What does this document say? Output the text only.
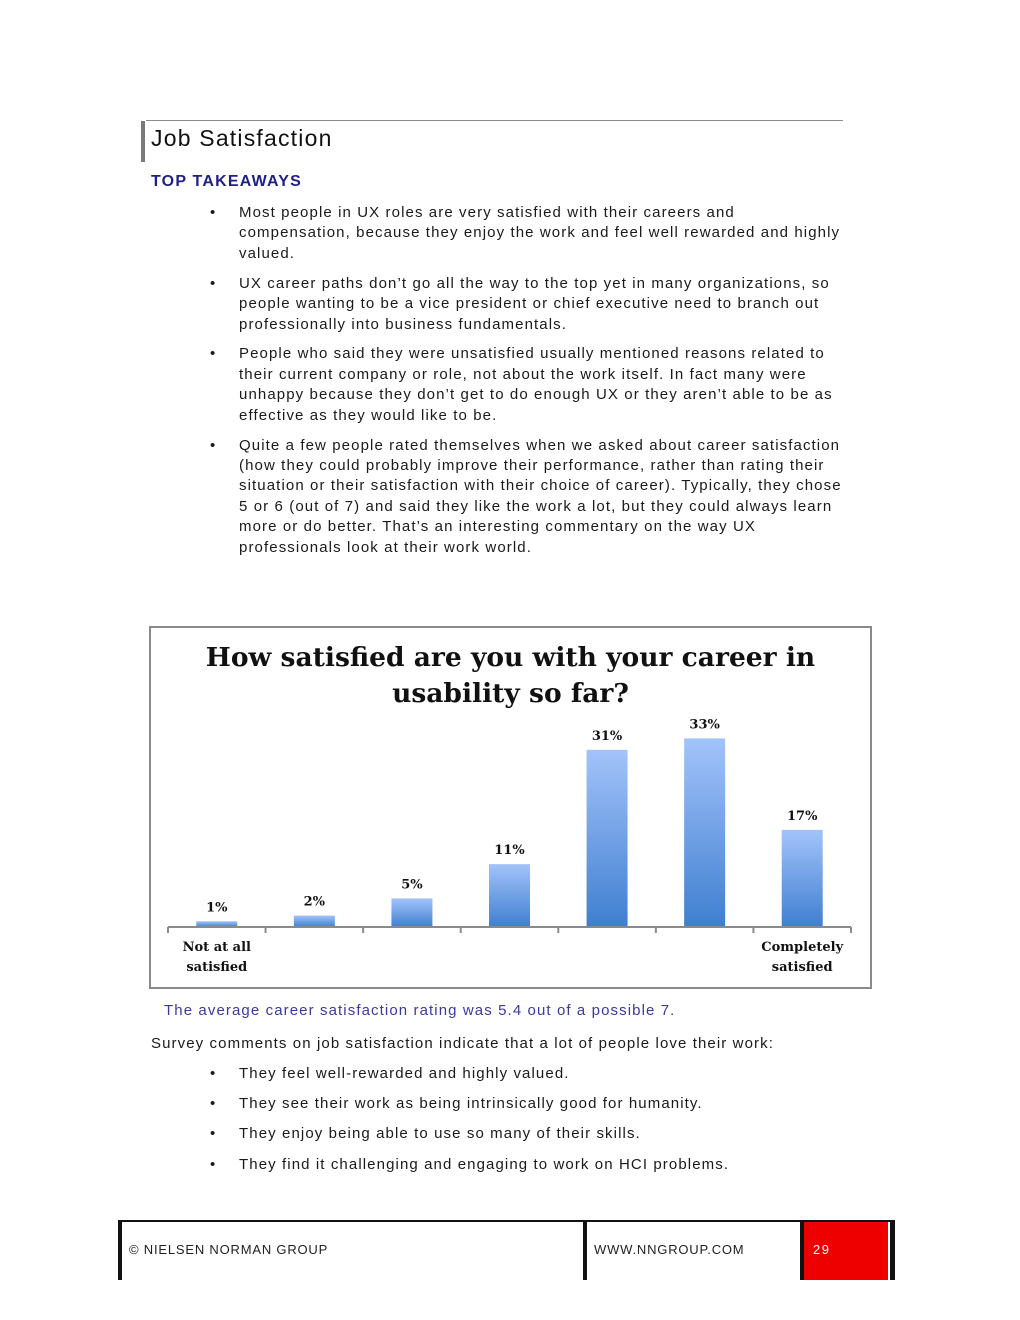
Job Satisfaction
TOP TAKEAWAYS
• Most people in UX roles are very satisfied with their careers and compensation, because they enjoy the work and feel well rewarded and highly valued.
• UX career paths don’t go all the way to the top yet in many organizations, so people wanting to be a vice president or chief executive need to branch out professionally into business fundamentals.
• People who said they were unsatisfied usually mentioned reasons related to their current company or role, not about the work itself. In fact many were unhappy because they don’t get to do enough UX or they aren’t able to be as effective as they would like to be.
• Quite a few people rated themselves when we asked about career satisfaction (how they could probably improve their performance, rather than rating their situation or their satisfaction with their choice of career). Typically, they chose 5 or 6 (out of 7) and said they like the work a lot, but they could always learn more or do better. That’s an interesting commentary on the way UX professionals look at their work world.
How satisfied are you with your career in usability so far?
1%	2%
5%
11%
31%
33%
17%
Not at all satisfied
Completely satisfied
The average career satisfaction rating was 5.4 out of a possible 7.
Survey comments on job satisfaction indicate that a lot of people love their work:
• They feel well-rewarded and highly valued.
• They see their work as being intrinsically good for humanity.
• They enjoy being able to use so many of their skills.
• They find it challenging and engaging to work on HCI problems.
© NIELSEN NORMAN GROUP	WWW.NNGROUP.COM	29
